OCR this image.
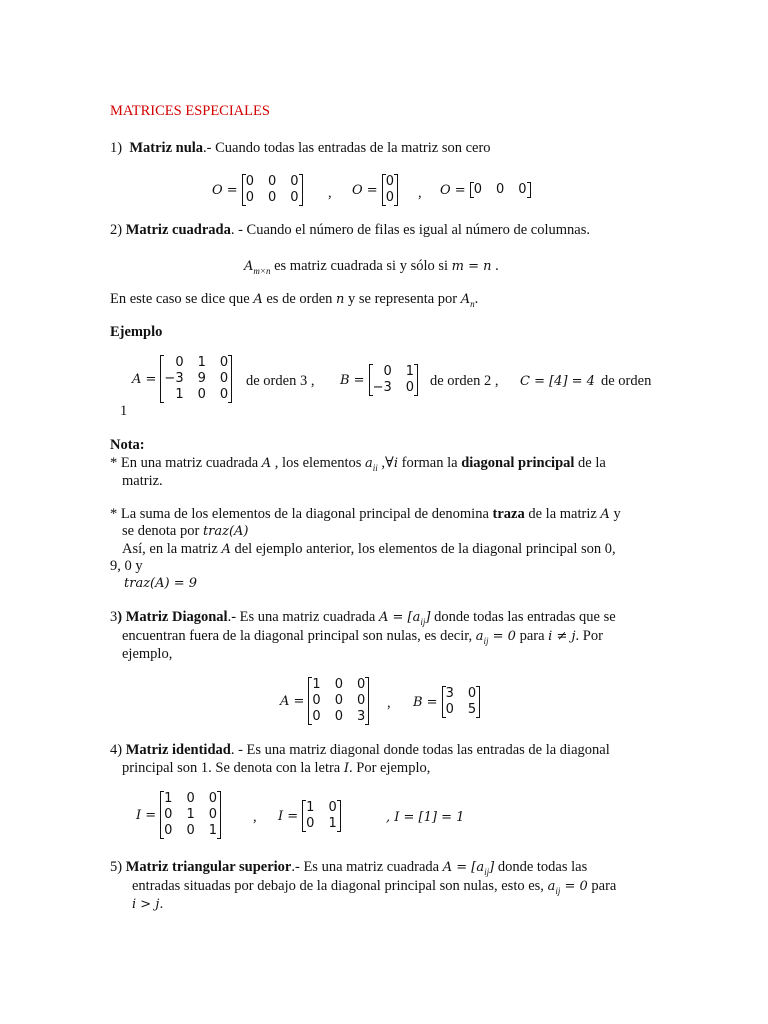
MATRICES ESPECIALES
1) Matriz nula.- Cuando todas las entradas de la matriz son cero
O =
0 0 0
0 0 0 , O =
0
0 , O = 0 0 0
2) Matriz cuadrada. - Cuando el número de filas es igual al número de columnas.
$A_{m\times n}$ es matriz cuadrada si y sólo si m = n .
En este caso se dice que A es de orden n y se representa por $A_n$.
Ejemplo
A =
0 1 0
−3 9 0
1 0 0
de orden 3 , B =
0 1
−3 0 de orden 2 , C = [4] = 4 de orden
1
Nota:
* En una matriz cuadrada A , los elementos $a_{ii}$ ,∀i forman la diagonal principal de la
matriz.
* La suma de los elementos de la diagonal principal de denomina traza de la matriz A y
se denota por traz(A)
Así, en la matriz A del ejemplo anterior, los elementos de la diagonal principal son 0,
9, 0 y
traz(A) = 9
3) Matriz Diagonal.- Es una matriz cuadrada $A = [a_{ij}]$ donde todas las entradas que se
encuentran fuera de la diagonal principal son nulas, es decir, $a_{ij} = 0$ para i ≠ j. Por
ejemplo,
A =
1 0 0
0 0 0
0 0 3
, B =
3 0
0 5
4) Matriz identidad. - Es una matriz diagonal donde todas las entradas de la diagonal
principal son 1. Se denota con la letra I. Por ejemplo,
I =
1 0 0
0 1 0
0 0 1
, I =
1 0
0 1	, I = [1] = 1
5) Matriz triangular superior.- Es una matriz cuadrada $A = [a_{ij}]$ donde todas las
entradas situadas por debajo de la diagonal principal son nulas, esto es, $a_{ij} = 0$ para
i > j.
